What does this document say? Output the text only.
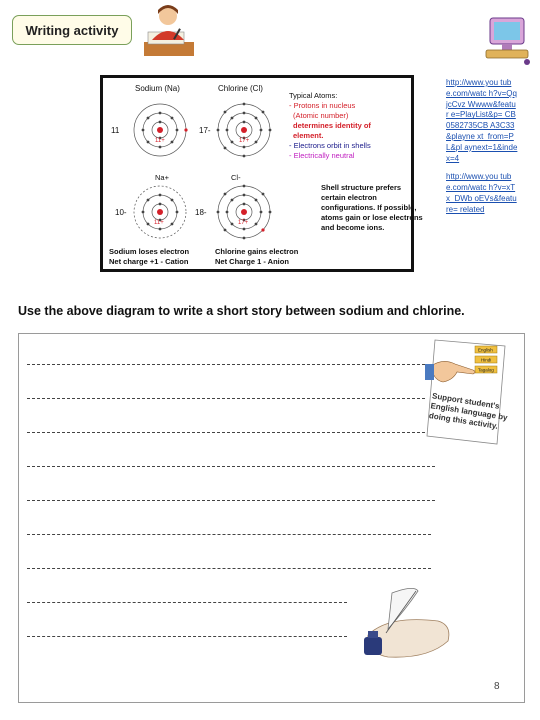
Writing activity
Sodium (Na)	Chlorine (Cl)
11
11+
17-
17+
Typical Atoms:
- Protons in nucleus
(Atomic number)
determines identity of
element.
- Electrons orbit in shells
- Electrically neutral
Na+	Cl-
10-
11+
18-
17+
Shell structure prefers
certain electron
configurations. If possible,
atoms gain or lose electrons
and become ions.
Sodium loses electron
Net charge +1 - Cation
Chlorine gains electron
Net Charge 1 - Anion
http://www.you tube.com/watc h?v=QqjcCvz Wwww&featur e=PlayList&p= CB0582735CB A3C33&playne xt_from=PL&pl aynext=1&inde x=4
http://www.you tube.com/watc h?v=xTx_DWb oEVs&feature= related
Use the above diagram to write a short story between sodium and chlorine.
English
Hindi
Tagalog
Support student's English language by doing this activity.
8
